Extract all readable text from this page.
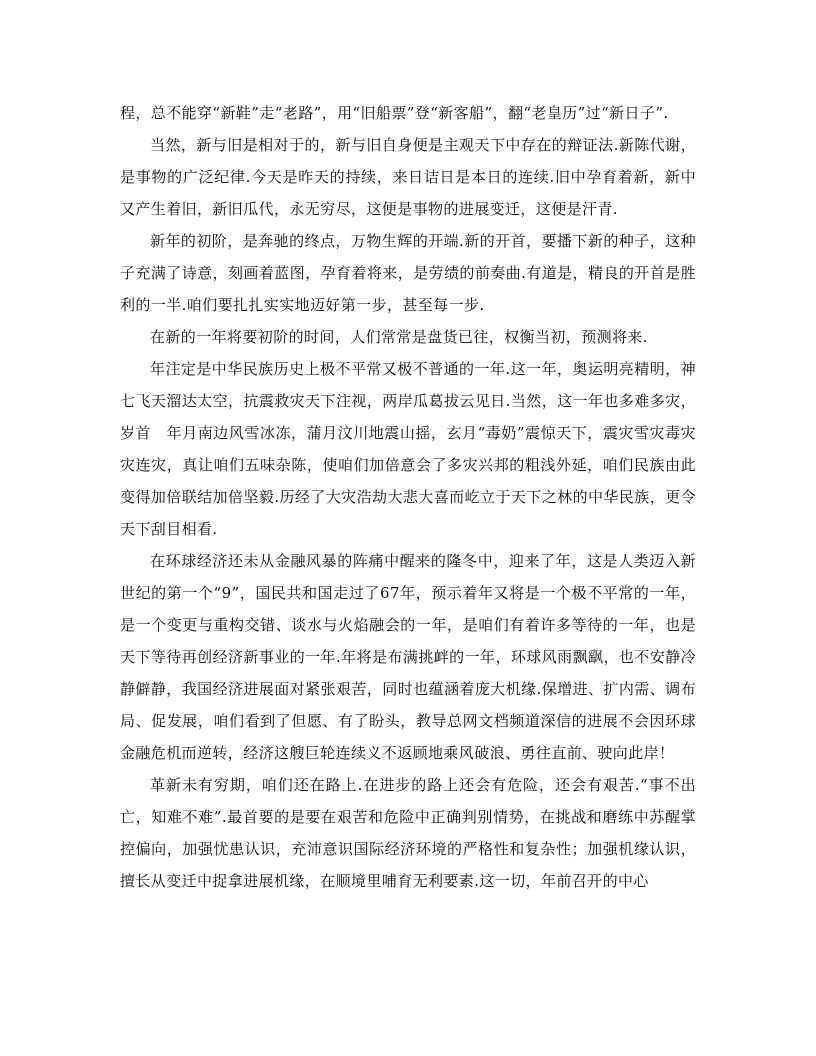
程，总不能穿“新鞋”走“老路”，用“旧船票”登“新客船”，翻“老皇历”过“新日子”.

当然，新与旧是相对于的，新与旧自身便是主观天下中存在的辩证法.新陈代谢，是事物的广泛纪律.今天是昨天的持续，来日诘日是本日的连续.旧中孕育着新，新中又产生着旧，新旧瓜代，永无穷尽，这便是事物的进展变迁，这便是汗青.

新年的初阶，是奔驰的终点，万物生辉的开端.新的开首，要播下新的种子，这种子充满了诗意，刻画着蓝图，孕育着将来，是劳绩的前奏曲.有道是，精良的开首是胜利的一半.咱们要扎扎实实地迈好第一步，甚至每一步.

在新的一年将要初阶的时间，人们常常是盘货已往，权衡当初，预测将来.

年注定是中华民族历史上极不平常又极不普通的一年.这一年，奥运明亮精明，神七飞天溜达太空，抗震救灾天下注视，两岸瓜葛拔云见日.当然，这一年也多难多灾，岁首　年月南边风雪冰冻，蒲月汶川地震山摇，玄月“毒奶”震惊天下，震灾雪灾毒灾灾连灾，真让咱们五味杂陈，使咱们加倍意会了多灾兴邦的粗浅外延，咱们民族由此变得加倍联结加倍坚毅.历经了大灾浩劫大悲大喜而屹立于天下之林的中华民族，更令天下刮目相看.

在环球经济还未从金融风暴的阵痛中醒来的隆冬中，迎来了年，这是人类迈入新世纪的第一个“9”，国民共和国走过了67年，预示着年又将是一个极不平常的一年，是一个变更与重构交错、谈水与火焰融会的一年，是咱们有着许多等待的一年，也是天下等待再创经济新事业的一年.年将是布满挑衅的一年，环球风雨飘飖，也不安静冷静僻静，我国经济进展面对紧张艰苦，同时也蕴涵着庞大机缘.保增进、扩内需、调布局、促发展，咱们看到了但愿、有了盼头，教导总网文档频道深信的进展不会因环球金融危机而逆转，经济这艘巨轮连续义不返顾地乘风破浪、勇往直前、驶向此岸！

革新未有穷期，咱们还在路上.在进步的路上还会有危险，还会有艰苦.“事不出亡，知难不难”.最首要的是要在艰苦和危险中正确判别情势，在挑战和磨练中苏醒掌控偏向，加强忧患认识，充沛意识国际经济环境的严格性和复杂性；加强机缘认识，擅长从变迁中捉拿进展机缘，在顺境里哺育无利要素.这一切，年前召开的中心
